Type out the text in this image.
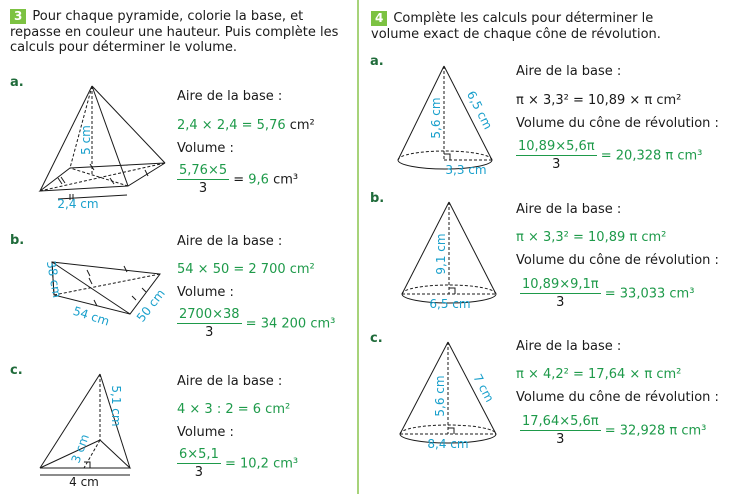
3 Pour chaque pyramide, colorie la base, et
repasse en couleur une hauteur. Puis complète les
calculs pour déterminer le volume.
a.
5 cm
2,4 cm
Aire de la base :
2,4 × 2,4 = 5,76 cm²
Volume :
$\frac{5,76\times 5}{3} = 9,6$ cm³
b.
38 cm
54 cm 50 cm
Aire de la base :
54 × 50 = 2 700 cm²
Volume :
$\frac{2700\times 38}{3} = 34$ 200 cm³
c.
5,1 cm
3 cm
4 cm
Aire de la base :
4 × 3 : 2 = 6 cm²
Volume :
$\frac{6\times 5,1}{3} = 10,2$ cm³
4 Complète les calculs pour déterminer le
volume exact de chaque cône de révolution.
a.
5,6 cm 6,5 cm
3,3 cm
Aire de la base :
π × 3,3² = 10,89 × π cm²
Volume du cône de révolution :
$\frac{10,89\times 5,6\pi}{3} = 20,328$ π cm³
b.
9,1 cm
6,5 cm
Aire de la base :
π × 3,3² = 10,89 π cm²
Volume du cône de révolution :
$\frac{10,89\times 9,1\pi}{3} = 33,033$ cm³
c.
5,6 cm 7 cm
8,4 cm
Aire de la base :
π × 4,2² = 17,64 × π cm²
Volume du cône de révolution :
$\frac{17,64\times 5,6\pi}{3} = 32,928$ π cm³
